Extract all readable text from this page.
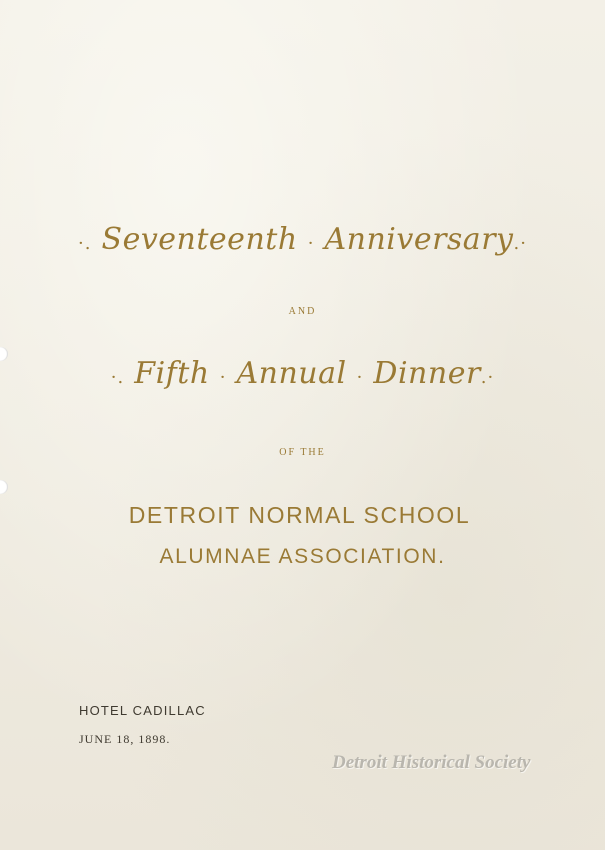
·. Seventeenth · Anniversary.·
AND
·. Fifth · Annual · Dinner.·
OF THE
DETROIT NORMAL SCHOOL
ALUMNAE ASSOCIATION.
HOTEL CADILLAC
JUNE 18, 1898.
Detroit Historical Society
